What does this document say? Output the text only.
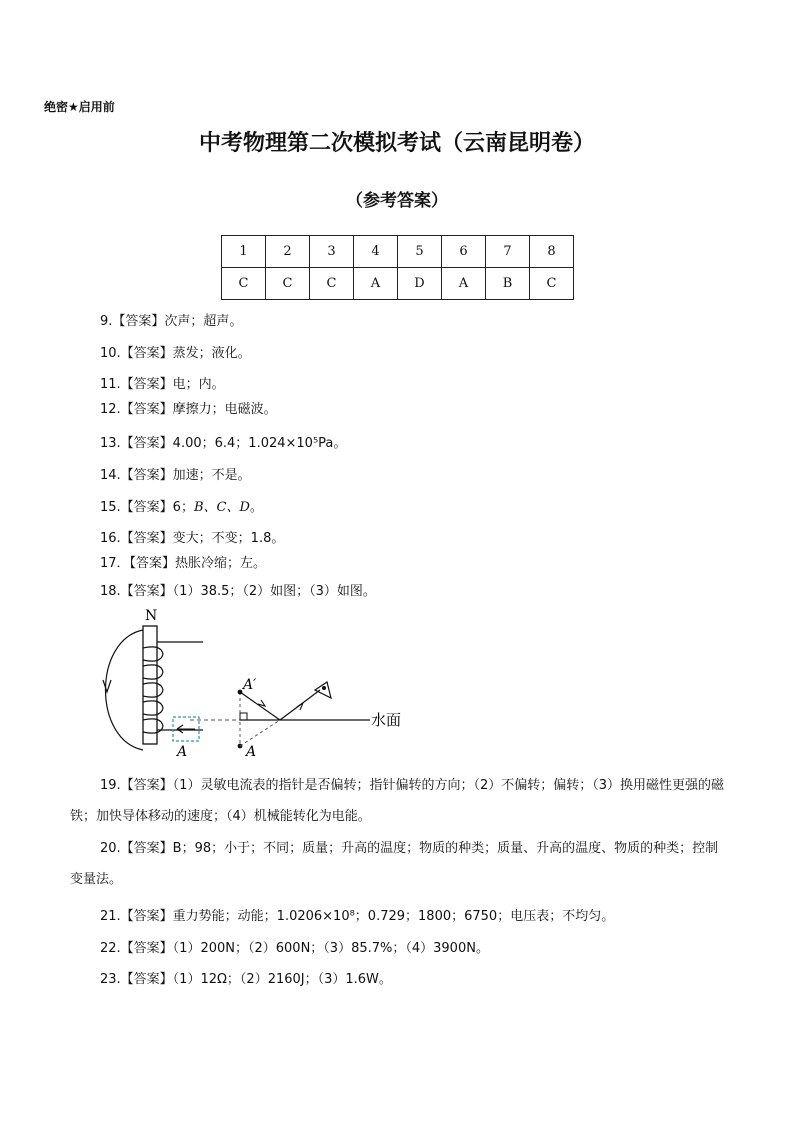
绝密★启用前
中考物理第二次模拟考试（云南昆明卷）
（参考答案）
1	2	3	4	5	6	7	8
C	C	C	A	D	A	B	C
9.【答案】次声；超声。
10.【答案】蒸发；液化。
11.【答案】电；内。
12.【答案】摩擦力；电磁波。
13.【答案】4.00；6.4；1.024×10⁵Pa。
14.【答案】加速；不是。
15.【答案】6；B、C、D。
16.【答案】变大；不变；1.8。
17．【答案】热胀冷缩；左。
18.【答案】（1）38.5；（2）如图；（3）如图。
N
A
A′
A
水面
19.【答案】（1）灵敏电流表的指针是否偏转；指针偏转的方向；（2）不偏转；偏转；（3）换用磁性更强的磁铁；加快导体移动的速度；（4）机械能转化为电能。
20.【答案】B；98；小于；不同；质量；升高的温度；物质的种类；质量、升高的温度、物质的种类；控制变量法。
21.【答案】重力势能；动能；1.0206×10⁸；0.729；1800；6750；电压表；不均匀。
22.【答案】（1）200N；（2）600N；（3）85.7%；（4）3900N。
23.【答案】（1）12Ω；（2）2160J；（3）1.6W。
